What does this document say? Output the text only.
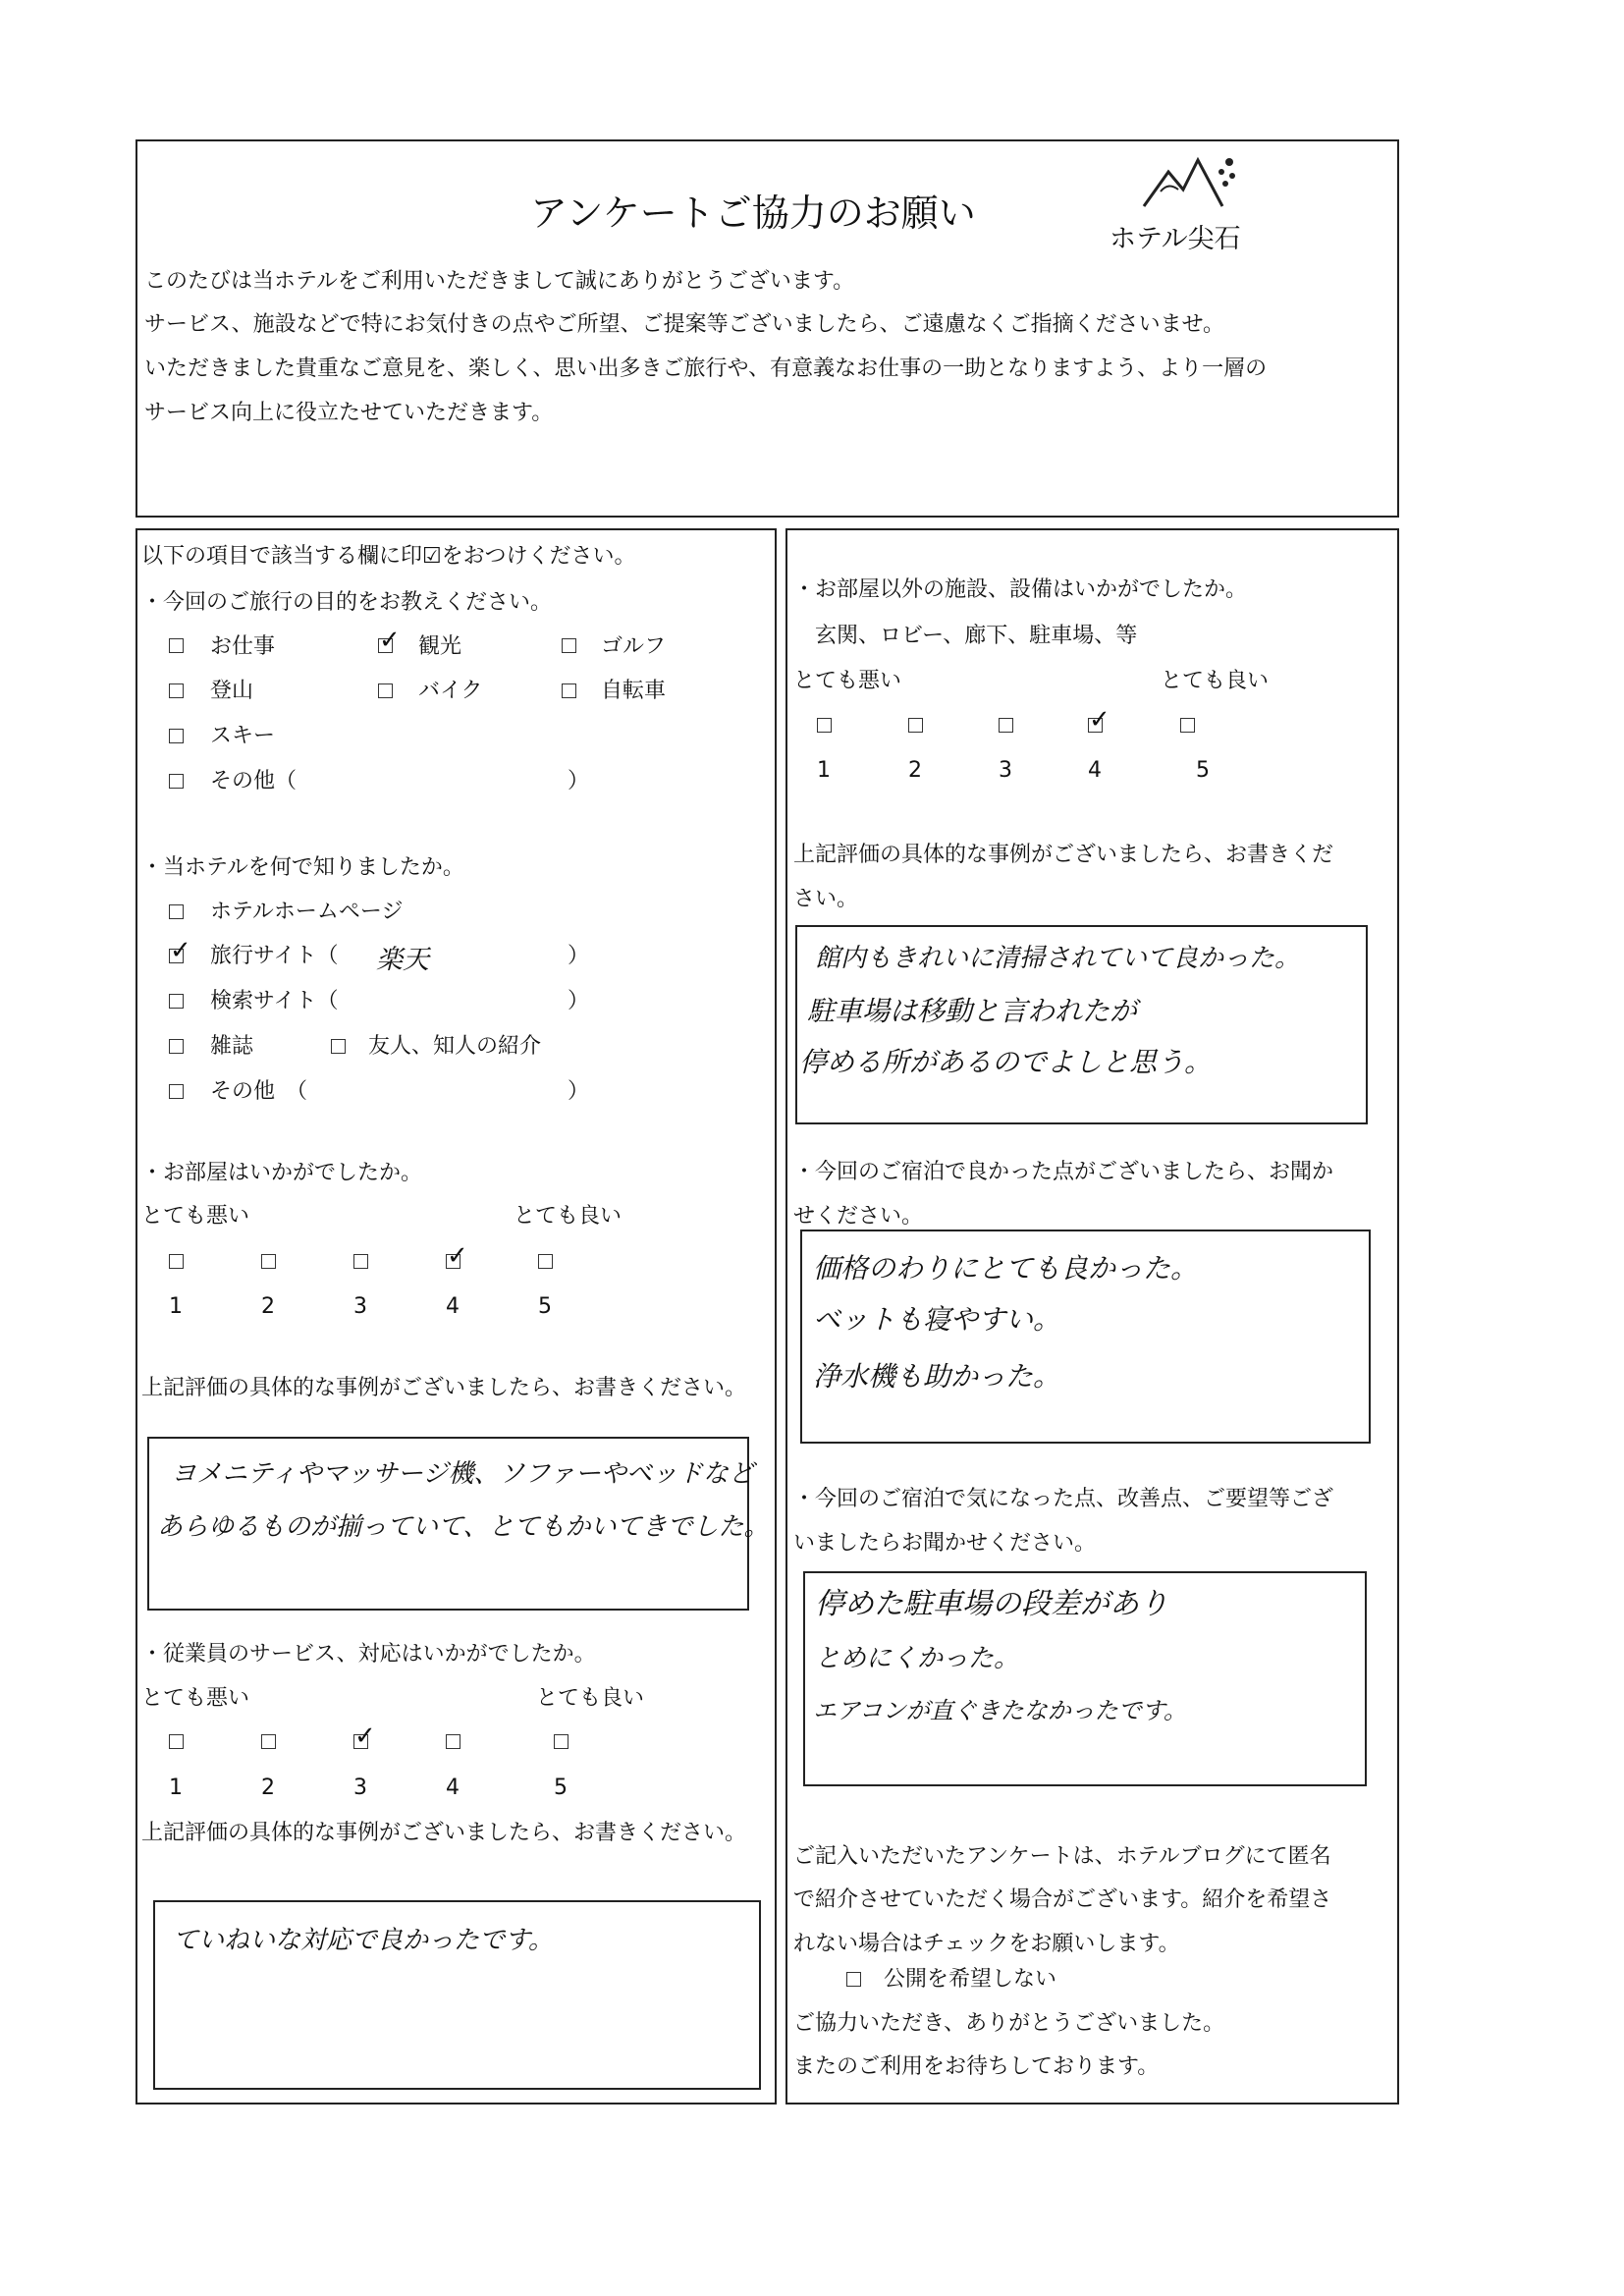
アンケートご協力のお願い
ホテル尖石
このたびは当ホテルをご利用いただきまして誠にありがとうございます。
サービス、施設などで特にお気付きの点やご所望、ご提案等ございましたら、ご遠慮なくご指摘くださいませ。
いただきました貴重なご意見を、楽しく、思い出多きご旅行や、有意義なお仕事の一助となりますよう、より一層の
サービス向上に役立たせていただきます。
以下の項目で該当する欄に印☑をおつけください。
・今回のご旅行の目的をお教えください。
お仕事
✓	観光	ゴルフ
登山	バイク	自転車
スキー
その他（	）
・当ホテルを何で知りましたか。
ホテルホームページ
✓
旅行サイト（ 楽天	）
検索サイト（	）
雑誌	友人、知人の紹介
その他　（	）
・お部屋はいかがでしたか。
とても悪い	とても良い
✓
1	2	3	4	5
上記評価の具体的な事例がございましたら、お書きください。
ヨメニティやマッサージ機、ソファーやベッドなど
あらゆるものが揃っていて、とてもかいてきでした。
・従業員のサービス、対応はいかがでしたか。
とても悪い	とても良い
✓
1	2	3	4	5
上記評価の具体的な事例がございましたら、お書きください。
ていねいな対応で良かったです。
・お部屋以外の施設、設備はいかがでしたか。
玄関、ロビー、廊下、駐車場、等
とても悪い	とても良い
✓
1	2	3	4	5
上記評価の具体的な事例がございましたら、お書きくだ
さい。
館内もきれいに清掃されていて良かった。
駐車場は移動と言われたが
停める所があるのでよしと思う。
・今回のご宿泊で良かった点がございましたら、お聞か
せください。
価格のわりにとても良かった。
ベットも寝やすい。
浄水機も助かった。
・今回のご宿泊で気になった点、改善点、ご要望等ござ
いましたらお聞かせください。
停めた駐車場の段差があり
とめにくかった。
エアコンが直ぐきたなかったです。
ご記入いただいたアンケートは、ホテルブログにて匿名
で紹介させていただく場合がございます。紹介を希望さ
れない場合はチェックをお願いします。
公開を希望しない
ご協力いただき、ありがとうございました。
またのご利用をお待ちしております。
